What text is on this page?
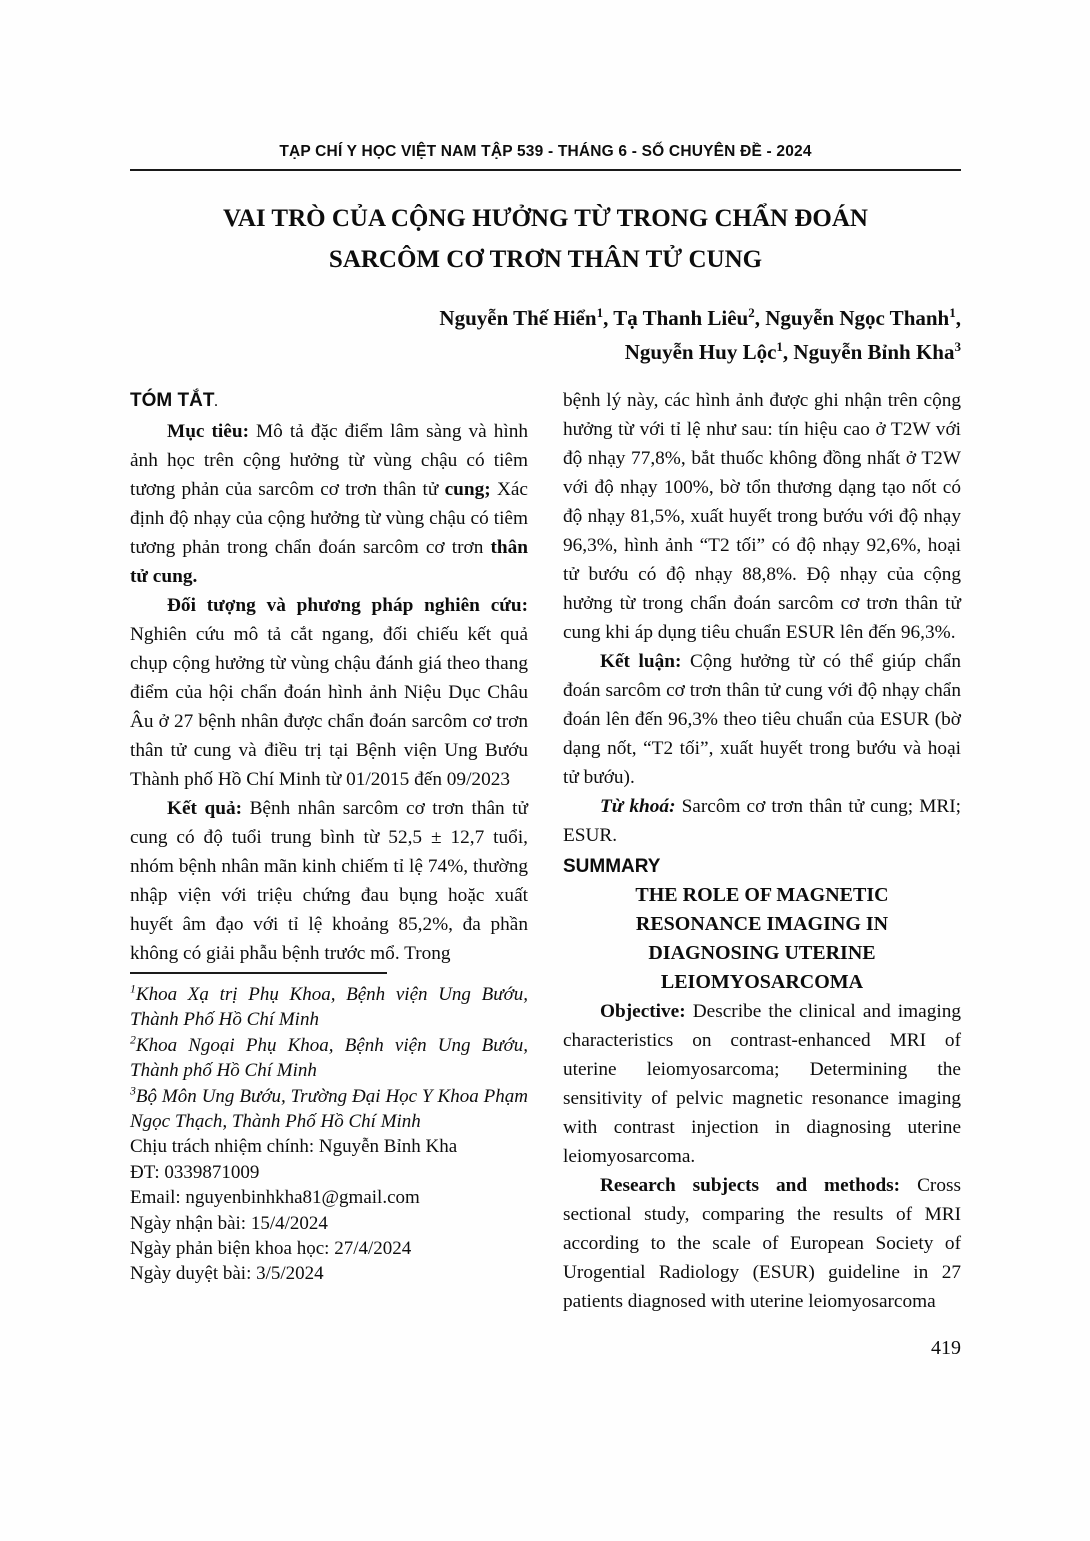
TẠP CHÍ Y HỌC VIỆT NAM TẬP 539 - THÁNG 6 - SỐ CHUYÊN ĐỀ - 2024
VAI TRÒ CỦA CỘNG HƯỞNG TỪ TRONG CHẨN ĐOÁN
SARCÔM CƠ TRƠN THÂN TỬ CUNG
Nguyễn Thế Hiển$^1$, Tạ Thanh Liêu$^2$, Nguyễn Ngọc Thanh$^1$,
Nguyễn Huy Lộc$^1$, Nguyễn Bỉnh Kha$^3$
TÓM TẮT.

Mục tiêu: Mô tả đặc điểm lâm sàng và hình ảnh học trên cộng hưởng từ vùng chậu có tiêm tương phản của sarcôm cơ trơn thân tử cung; Xác định độ nhạy của cộng hưởng từ vùng chậu có tiêm tương phản trong chẩn đoán sarcôm cơ trơn thân tử cung.

Đối tượng và phương pháp nghiên cứu: Nghiên cứu mô tả cắt ngang, đối chiếu kết quả chụp cộng hưởng từ vùng chậu đánh giá theo thang điểm của hội chẩn đoán hình ảnh Niệu Dục Châu Âu ở 27 bệnh nhân được chẩn đoán sarcôm cơ trơn thân tử cung và điều trị tại Bệnh viện Ung Bướu Thành phố Hồ Chí Minh từ 01/2015 đến 09/2023

Kết quả: Bệnh nhân sarcôm cơ trơn thân tử cung có độ tuổi trung bình từ 52,5 ± 12,7 tuổi, nhóm bệnh nhân mãn kinh chiếm tỉ lệ 74%, thường nhập viện với triệu chứng đau bụng hoặc xuất huyết âm đạo với tỉ lệ khoảng 85,2%, đa phần không có giải phẫu bệnh trước mổ. Trong

$^1$Khoa Xạ trị Phụ Khoa, Bệnh viện Ung Bướu, Thành Phố Hồ Chí Minh

$^2$Khoa Ngoại Phụ Khoa, Bệnh viện Ung Bướu, Thành phố Hồ Chí Minh

$^3$Bộ Môn Ung Bướu, Trường Đại Học Y Khoa Phạm Ngọc Thạch, Thành Phố Hồ Chí Minh

Chịu trách nhiệm chính: Nguyễn Bỉnh Kha

ĐT: 0339871009

Email: nguyenbinhkha81@gmail.com

Ngày nhận bài: 15/4/2024

Ngày phản biện khoa học: 27/4/2024

Ngày duyệt bài: 3/5/2024

bệnh lý này, các hình ảnh được ghi nhận trên cộng hưởng từ với tỉ lệ như sau: tín hiệu cao ở T2W với độ nhạy 77,8%, bắt thuốc không đồng nhất ở T2W với độ nhạy 100%, bờ tổn thương dạng tạo nốt có độ nhạy 81,5%, xuất huyết trong bướu với độ nhạy 96,3%, hình ảnh “T2 tối” có độ nhạy 92,6%, hoại tử bướu có độ nhạy 88,8%. Độ nhạy của cộng hưởng từ trong chẩn đoán sarcôm cơ trơn thân tử cung khi áp dụng tiêu chuẩn ESUR lên đến 96,3%.

Kết luận: Cộng hưởng từ có thể giúp chẩn đoán sarcôm cơ trơn thân tử cung với độ nhạy chẩn đoán lên đến 96,3% theo tiêu chuẩn của ESUR (bờ dạng nốt, “T2 tối”, xuất huyết trong bướu và hoại tử bướu).

Từ khoá: Sarcôm cơ trơn thân tử cung; MRI; ESUR.

SUMMARY
THE ROLE OF MAGNETIC
RESONANCE IMAGING IN
DIAGNOSING UTERINE
LEIOMYOSARCOMA

Objective: Describe the clinical and imaging characteristics on contrast-enhanced MRI of uterine leiomyosarcoma; Determining the sensitivity of pelvic magnetic resonance imaging with contrast injection in diagnosing uterine leiomyosarcoma.

Research subjects and methods: Cross sectional study, comparing the results of MRI according to the scale of European Society of Urogential Radiology (ESUR) guideline in 27 patients diagnosed with uterine leiomyosarcoma

419
